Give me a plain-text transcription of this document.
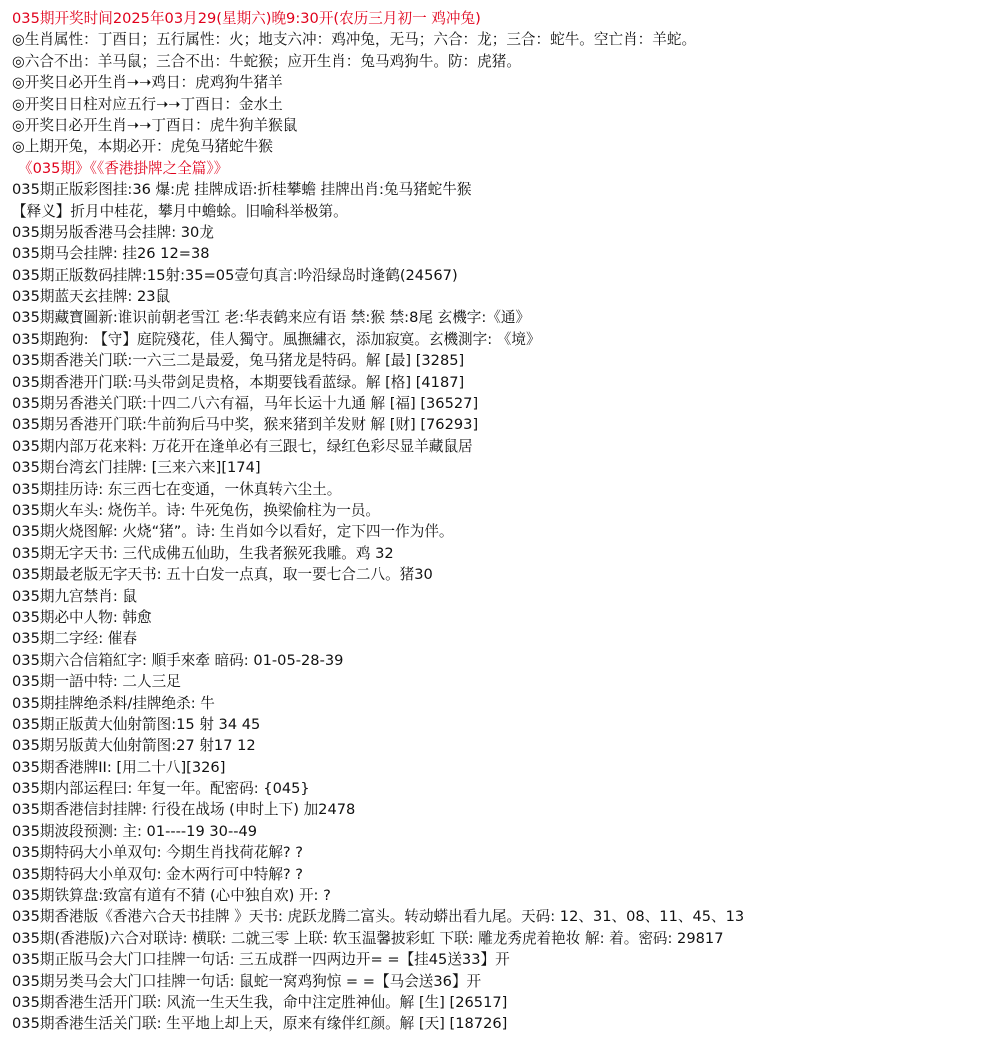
035期开奖时间2025年03月29(星期六)晚9:30开(农历三月初一 鸡冲兔)
◎生肖属性：丁酉日；五行属性：火；地支六冲：鸡冲兔，无马；六合：龙；三合：蛇牛。空亡肖：羊蛇。
◎六合不出：羊马鼠；三合不出：牛蛇猴；应开生肖：兔马鸡狗牛。防：虎猪。
◎开奖日必开生肖➝➝鸡日：虎鸡狗牛猪羊
◎开奖日日柱对应五行➝➝丁酉日：金水土
◎开奖日必开生肖➝➝丁酉日：虎牛狗羊猴鼠
◎上期开兔，本期必开：虎兔马猪蛇牛猴
《035期》《《香港掛牌之全篇》》
035期正版彩图挂:36 爆:虎 挂牌成语:折桂攀蟾 挂牌出肖:兔马猪蛇牛猴
【释义】折月中桂花，攀月中蟾蜍。旧喻科举极第。
035期另版香港马会挂牌: 30龙
035期马会挂牌: 挂26 12=38
035期正版数码挂牌:15射:35=05壹句真言:吟沿绿岛时逢鹤(24567)
035期蓝天玄挂牌: 23鼠
035期藏寶圖新:谁识前朝老雪江 老:华表鹤来应有语 禁:猴 禁:8尾 玄機字:《通》
035期跑狗: 【守】庭院殘花，佳人獨守。風撫繡衣，添加寂寞。玄機測字: 《境》
035期香港关门联:一六三二是最爱，兔马猪龙是特码。解 [最] [3285]
035期香港开门联:马头带剑足贵格，本期要钱看蓝绿。解 [格] [4187]
035期另香港关门联:十四二八六有福，马年长运十九通 解 [福] [36527]
035期另香港开门联:牛前狗后马中奖，猴来猪到羊发财 解 [财] [76293]
035期内部万花来料: 万花开在逢单必有三跟七，绿红色彩尽显羊藏鼠居
035期台湾玄门挂牌: [三来六来][174]
035期挂历诗: 东三西七在变通，一休真转六尘土。
035期火车头: 烧伤羊。诗: 牛死兔伤，换梁偷柱为一员。
035期火烧图解: 火烧“猪”。诗: 生肖如今以看好，定下四一作为伴。
035期无字天书: 三代成佛五仙助，生我者猴死我雕。鸡 32
035期最老版无字天书: 五十白发一点真，取一要七合二八。猪30
035期九宫禁肖: 鼠
035期必中人物: 韩愈
035期二字经: 催春
035期六合信箱紅字: 順手來牽 暗码: 01-05-28-39
035期一語中特: 二人三足
035期挂牌绝杀料/挂牌绝杀: 牛
035期正版黄大仙射箭图:15 射 34 45
035期另版黄大仙射箭图:27 射17 12
035期香港牌II: [用二十八][326]
035期内部运程曰: 年复一年。配密码: {045}
035期香港信封挂牌: 行役在战场 (申时上下) 加2478
035期波段预测: 主: 01----19 30--49
035期特码大小单双句: 今期生肖找荷花解? ?
035期特码大小单双句: 金木两行可中特解? ?
035期铁算盘:致富有道有不猜 (心中独自欢) 开: ?
035期香港版《香港六合天书挂牌 》天书: 虎跃龙腾二富头。转动蟒出看九尾。天码: 12、31、08、11、45、13
035期(香港版)六合对联诗: 横联: 二就三零 上联: 软玉温馨披彩虹 下联: 雕龙秀虎着艳妆 解: 着。密码: 29817
035期正版马会大门口挂牌一句话: 三五成群一四两边开= =【挂45送33】开
035期另类马会大门口挂牌一句话: 鼠蛇一窝鸡狗惊 = =【马会送36】开
035期香港生活开门联: 风流一生天生我，命中注定胜神仙。解 [生] [26517]
035期香港生活关门联: 生平地上却上天，原来有缘伴红颜。解 [天] [18726]
